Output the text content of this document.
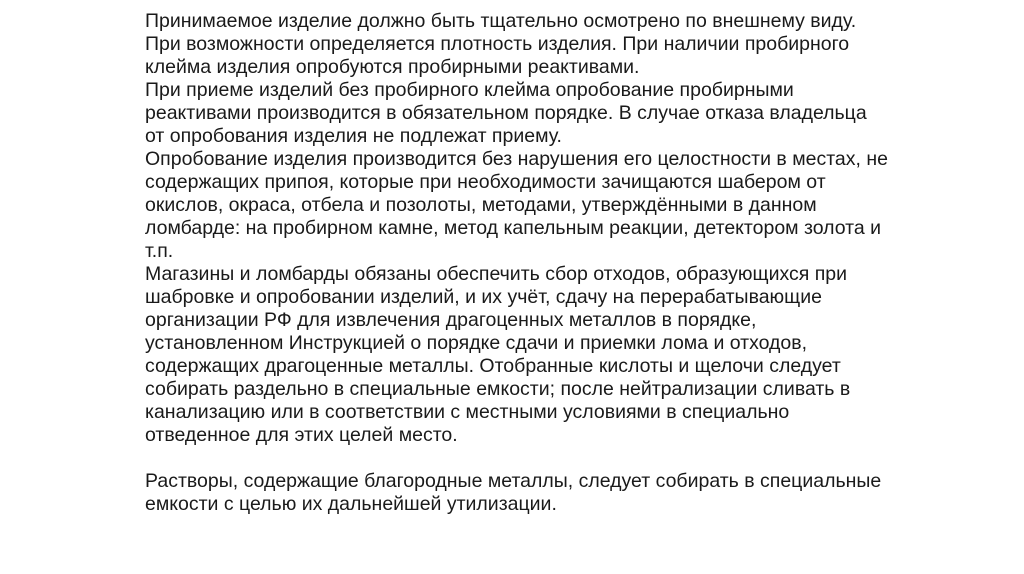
Принимаемое изделие должно быть тщательно осмотрено по внешнему виду.
При возможности определяется плотность изделия. При наличии пробирного
клейма изделия опробуются пробирными реактивами.
При приеме изделий без пробирного клейма опробование пробирными
реактивами производится в обязательном порядке. В случае отказа владельца
от опробования изделия не подлежат приему.
Опробование изделия производится без нарушения его целостности в местах, не
содержащих припоя, которые при необходимости зачищаются шабером от
окислов, окраса, отбела и позолоты, методами, утверждёнными в данном
ломбарде: на пробирном камне, метод капельным реакции, детектором золота и
т.п.
Магазины и ломбарды обязаны обеспечить сбор отходов, образующихся при
шабровке и опробовании изделий, и их учёт, сдачу на перерабатывающие
организации РФ для извлечения драгоценных металлов в порядке,
установленном Инструкцией о порядке сдачи и приемки лома и отходов,
содержащих драгоценные металлы. Отобранные кислоты и щелочи следует
собирать раздельно в специальные емкости; после нейтрализации сливать в
канализацию или в соответствии с местными условиями в специально
отведенное для этих целей место.
Растворы, содержащие благородные металлы, следует собирать в специальные
емкости с целью их дальнейшей утилизации.
